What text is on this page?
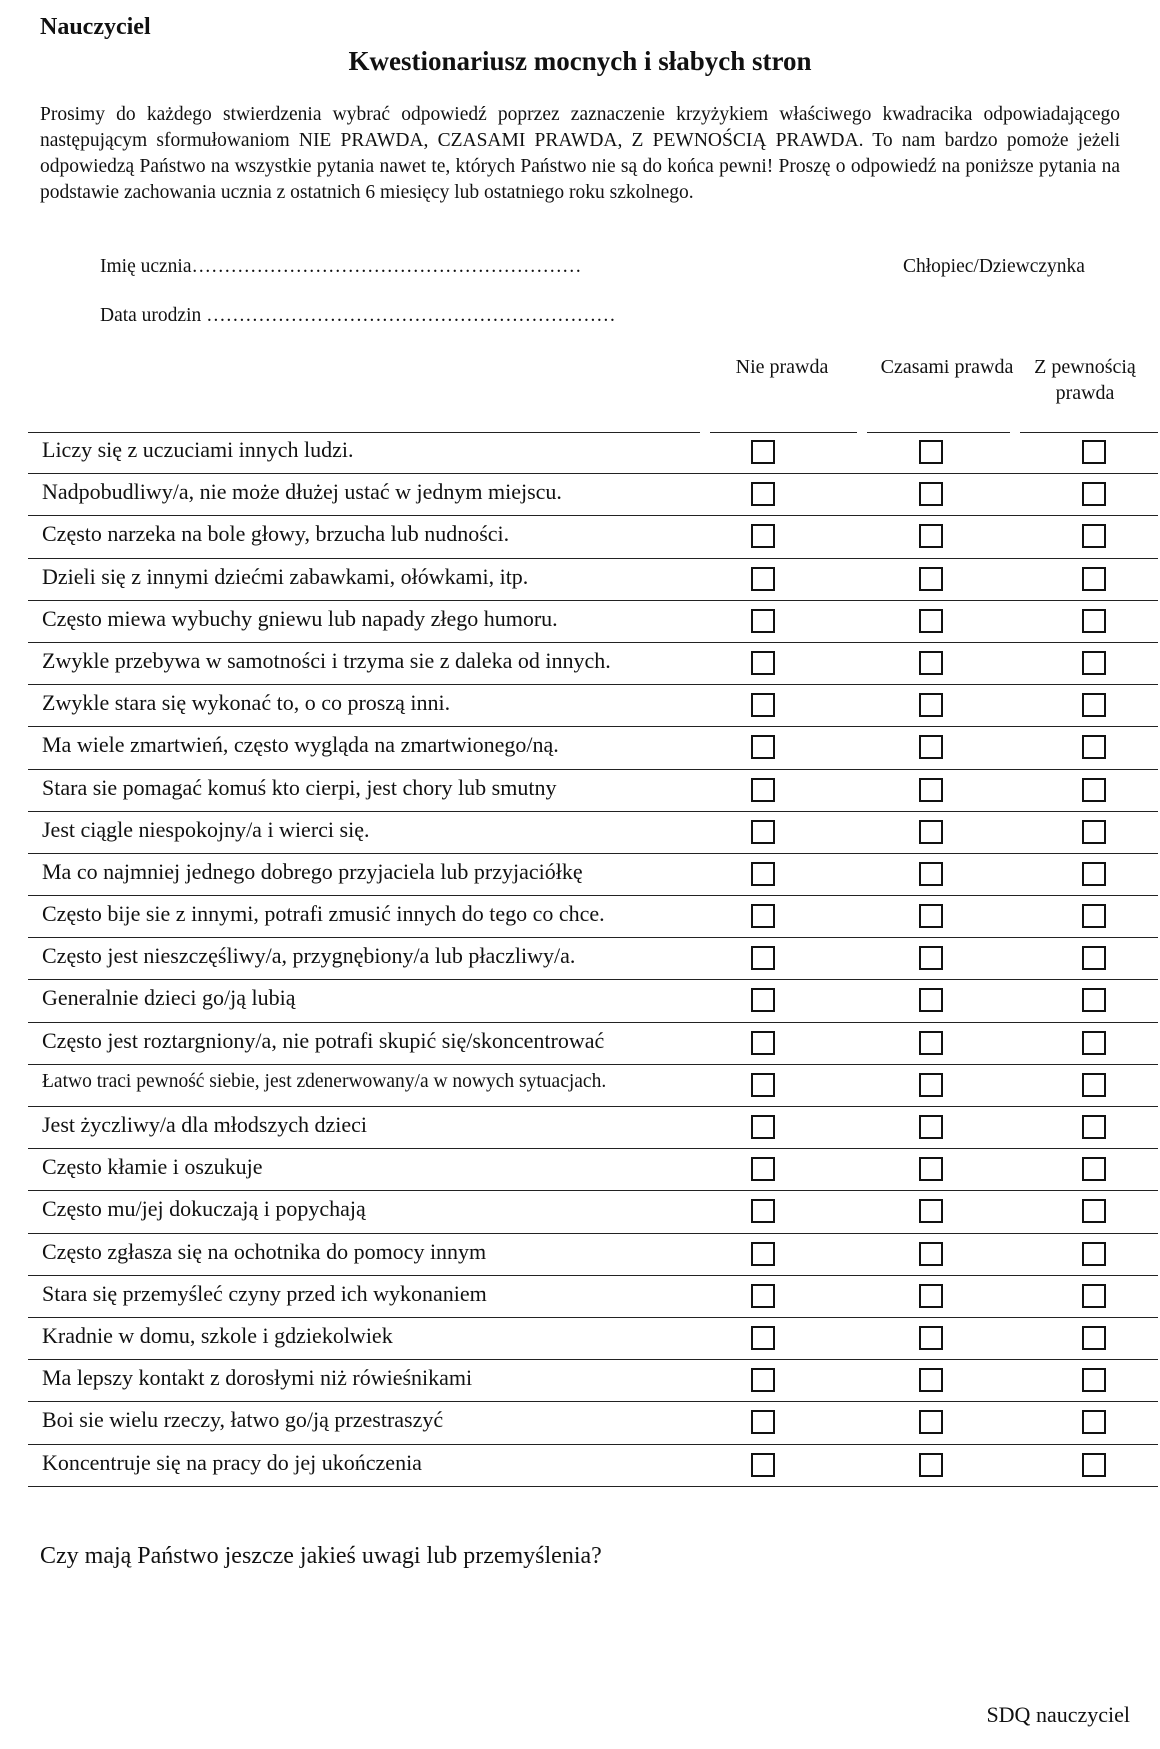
Nauczyciel
Kwestionariusz mocnych i słabych stron
Prosimy do każdego stwierdzenia wybrać odpowiedź poprzez zaznaczenie krzyżykiem właściwego kwadracika odpowiadającego następującym sformułowaniom NIE PRAWDA, CZASAMI PRAWDA, Z PEWNOŚCIĄ PRAWDA. To nam bardzo pomoże jeżeli odpowiedzą Państwo na wszystkie pytania nawet te, których Państwo nie są do końca pewni! Proszę o odpowiedź na poniższe pytania na podstawie zachowania ucznia z ostatnich 6 miesięcy lub ostatniego roku szkolnego.
Imię ucznia……………………………………………………	Chłopiec/Dziewczynka
Data urodzin ………………………………………………………
Nie prawda	Czasami prawda	Z pewnością prawda
Liczy się z uczuciami innych ludzi.
Nadpobudliwy/a, nie może dłużej ustać w jednym miejscu.
Często narzeka na bole głowy, brzucha lub nudności.
Dzieli się z innymi dziećmi zabawkami, ołówkami, itp.
Często miewa wybuchy gniewu lub napady złego humoru.
Zwykle przebywa w samotności i trzyma sie z daleka od innych.
Zwykle stara się wykonać to, o co proszą inni.
Ma wiele zmartwień, często wygląda na zmartwionego/ną.
Stara sie pomagać komuś kto cierpi, jest chory lub smutny
Jest ciągle niespokojny/a i wierci się.
Ma co najmniej jednego dobrego przyjaciela lub przyjaciółkę
Często bije sie z innymi, potrafi zmusić innych do tego co chce.
Często jest nieszczęśliwy/a, przygnębiony/a lub płaczliwy/a.
Generalnie dzieci go/ją lubią
Często jest roztargniony/a, nie potrafi skupić się/skoncentrować
Łatwo traci pewność siebie, jest zdenerwowany/a w nowych sytuacjach.
Jest życzliwy/a dla młodszych dzieci
Często kłamie i oszukuje
Często mu/jej dokuczają i popychają
Często zgłasza się na ochotnika do pomocy innym
Stara się przemyśleć czyny przed ich wykonaniem
Kradnie w domu, szkole i gdziekolwiek
Ma lepszy kontakt z dorosłymi niż rówieśnikami
Boi sie wielu rzeczy, łatwo go/ją przestraszyć
Koncentruje się na pracy do jej ukończenia
Czy mają Państwo jeszcze jakieś uwagi lub przemyślenia?
SDQ nauczyciel
